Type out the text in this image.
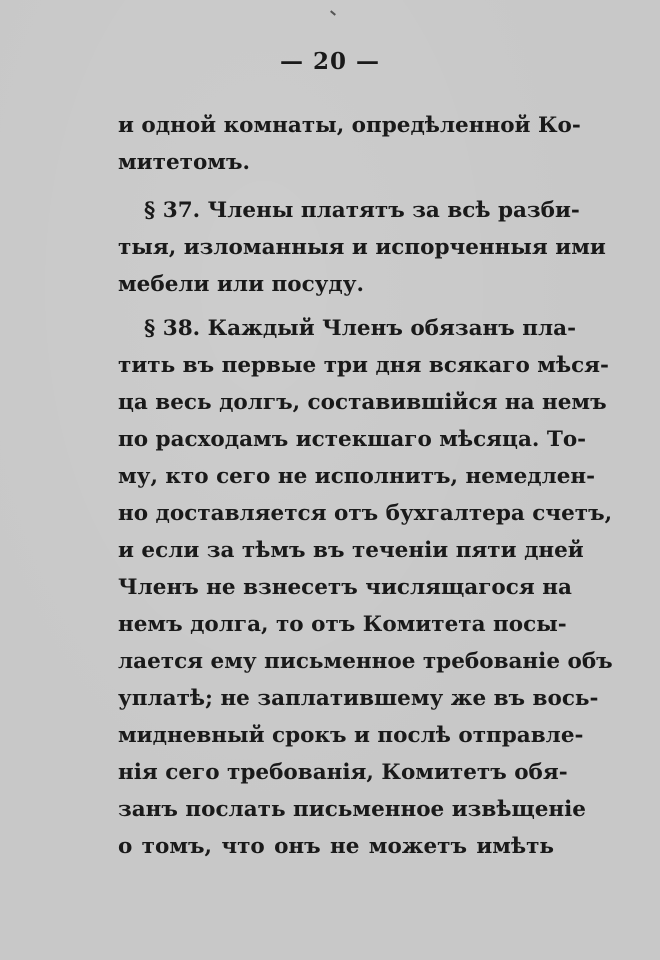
— 20 —
и одной комнаты, опредѣленной Ко-
митетомъ.
§ 37. Члены платятъ за всѣ разби-
тыя, изломанныя и испорченныя ими
мебели или посуду.
§ 38. Каждый Членъ обязанъ пла-
тить въ первые три дня всякаго мѣся-
ца весь долгъ, составившійся на немъ
по расходамъ истекшаго мѣсяца. То-
му, кто сего не исполнитъ, немедлен-
но доставляется отъ бухгалтера счетъ,
и если за тѣмъ въ теченіи пяти дней
Членъ не взнесетъ числящагося на
немъ долга, то отъ Комитета посы-
лается ему письменное требованіе объ
уплатѣ; не заплатившему же въ вось-
мидневный срокъ и послѣ отправле-
нія сего требованія, Комитетъ обя-
занъ послать письменное извѣщеніе
о томъ, что онъ не можетъ имѣть
